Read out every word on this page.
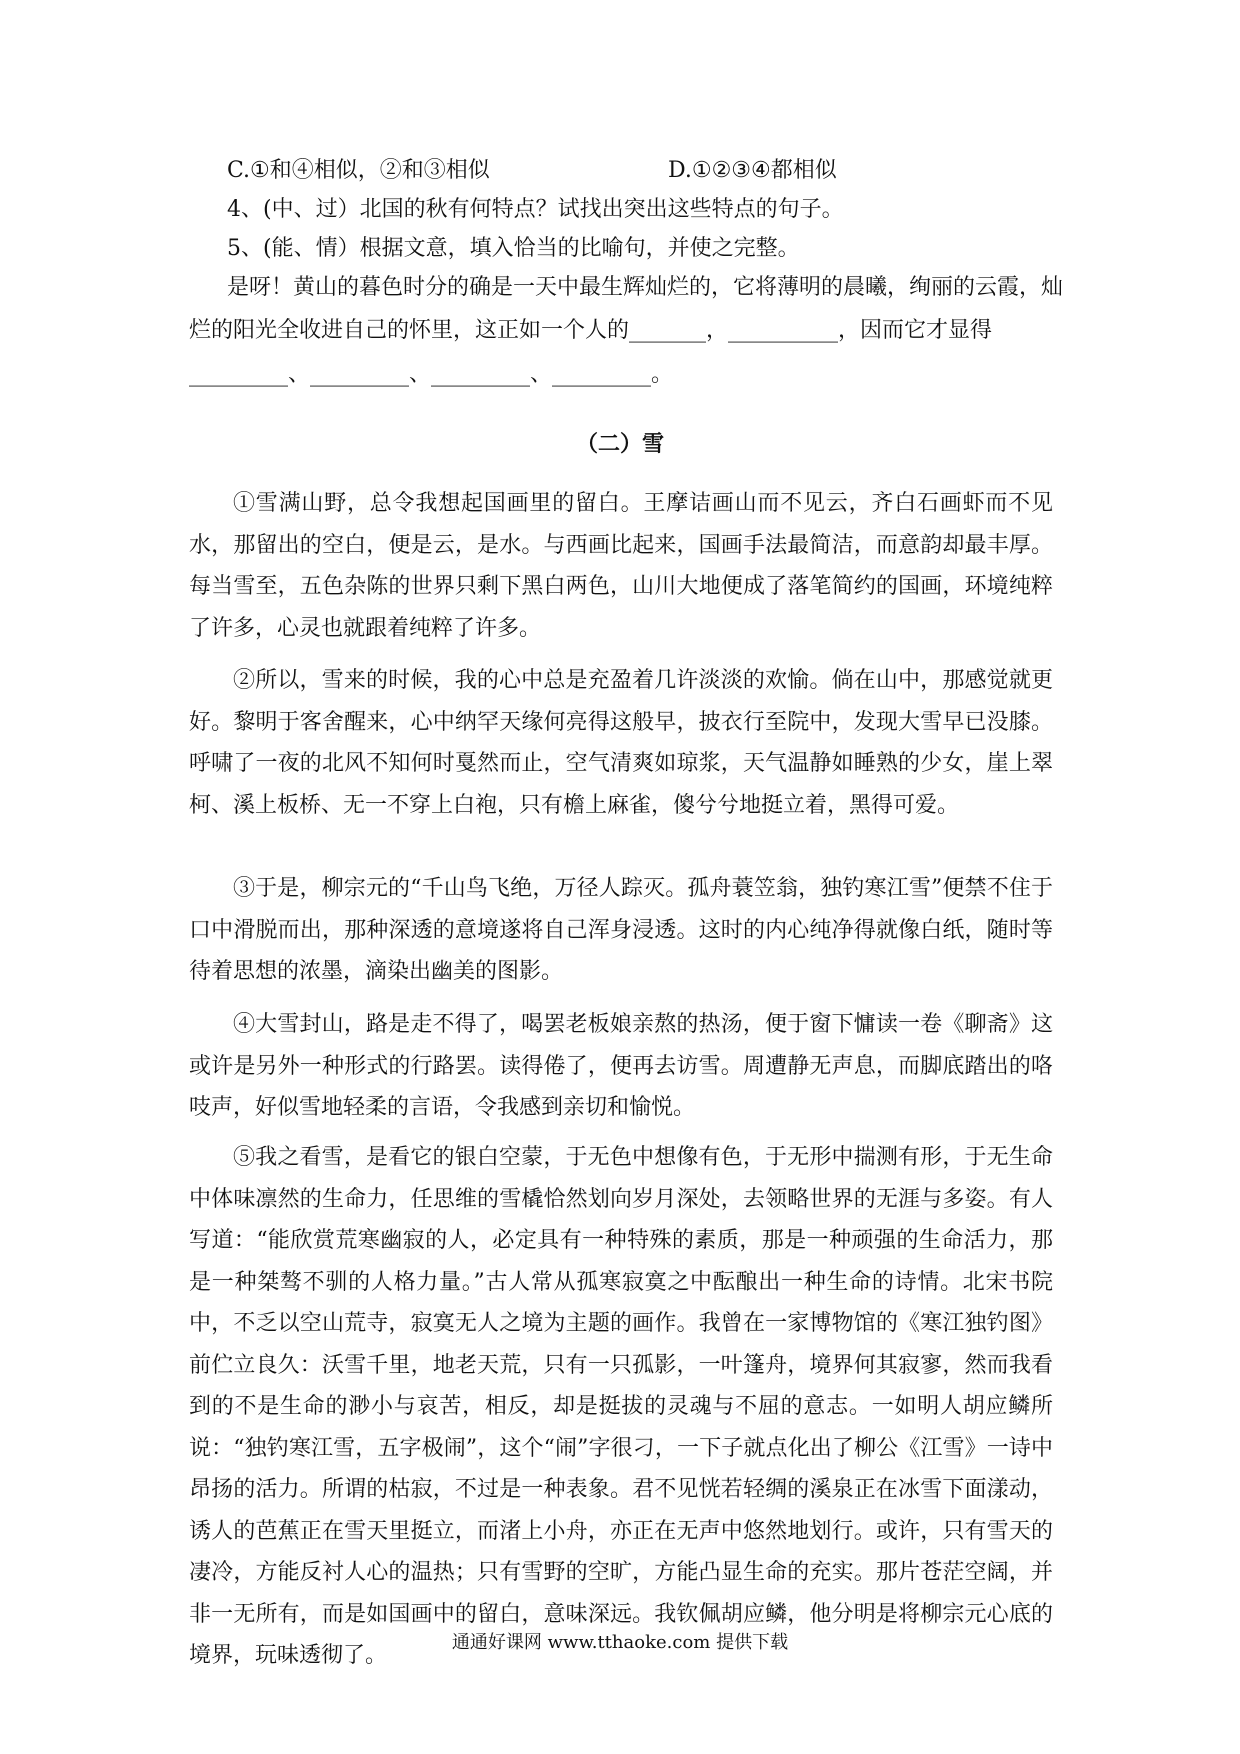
C.①和④相似，②和③相似	D.①②③④都相似
4、(中、过）北国的秋有何特点？试找出突出这些特点的句子。
5、(能、情）根据文意，填入恰当的比喻句，并使之完整。
是呀！黄山的暮色时分的确是一天中最生辉灿烂的，它将薄明的晨曦，绚丽的云霞，灿
烂的阳光全收进自己的怀里，这正如一个人的_______，__________，因而它才显得
_________、_________、_________、_________。
（二）雪
①雪满山野，总令我想起国画里的留白。王摩诘画山而不见云，齐白石画虾而不见水，那留出的空白，便是云，是水。与西画比起来，国画手法最简洁，而意韵却最丰厚。每当雪至，五色杂陈的世界只剩下黑白两色，山川大地便成了落笔简约的国画，环境纯粹了许多，心灵也就跟着纯粹了许多。
②所以，雪来的时候，我的心中总是充盈着几许淡淡的欢愉。倘在山中，那感觉就更好。黎明于客舍醒来，心中纳罕天缘何亮得这般早，披衣行至院中，发现大雪早已没膝。呼啸了一夜的北风不知何时戛然而止，空气清爽如琼浆，天气温静如睡熟的少女，崖上翠柯、溪上板桥、无一不穿上白袍，只有檐上麻雀，傻兮兮地挺立着，黑得可爱。
③于是，柳宗元的“千山鸟飞绝，万径人踪灭。孤舟蓑笠翁，独钓寒江雪”便禁不住于口中滑脱而出，那种深透的意境遂将自己浑身浸透。这时的内心纯净得就像白纸，随时等待着思想的浓墨，滴染出幽美的图影。
④大雪封山，路是走不得了，喝罢老板娘亲熬的热汤，便于窗下慵读一卷《聊斋》这或许是另外一种形式的行路罢。读得倦了，便再去访雪。周遭静无声息，而脚底踏出的咯吱声，好似雪地轻柔的言语，令我感到亲切和愉悦。
⑤我之看雪，是看它的银白空蒙，于无色中想像有色，于无形中揣测有形，于无生命中体味凛然的生命力，任思维的雪橇恰然划向岁月深处，去领略世界的无涯与多姿。有人写道：“能欣赏荒寒幽寂的人，必定具有一种特殊的素质，那是一种顽强的生命活力，那是一种桀骜不驯的人格力量。”古人常从孤寒寂寞之中酝酿出一种生命的诗情。北宋书院中，不乏以空山荒寺，寂寞无人之境为主题的画作。我曾在一家博物馆的《寒江独钓图》前伫立良久：沃雪千里，地老天荒，只有一只孤影，一叶篷舟，境界何其寂寥，然而我看到的不是生命的渺小与哀苦，相反，却是挺拔的灵魂与不屈的意志。一如明人胡应鳞所说：“独钓寒江雪，五字极闹”，这个“闹”字很刁，一下子就点化出了柳公《江雪》一诗中昂扬的活力。所谓的枯寂，不过是一种表象。君不见恍若轻绸的溪泉正在冰雪下面漾动，诱人的芭蕉正在雪天里挺立，而渚上小舟，亦正在无声中悠然地划行。或许，只有雪天的凄冷，方能反衬人心的温热；只有雪野的空旷，方能凸显生命的充实。那片苍茫空阔，并非一无所有，而是如国画中的留白，意味深远。我钦佩胡应鳞，他分明是将柳宗元心底的境界，玩味透彻了。
通通好课网 www.tthaoke.com 提供下载
